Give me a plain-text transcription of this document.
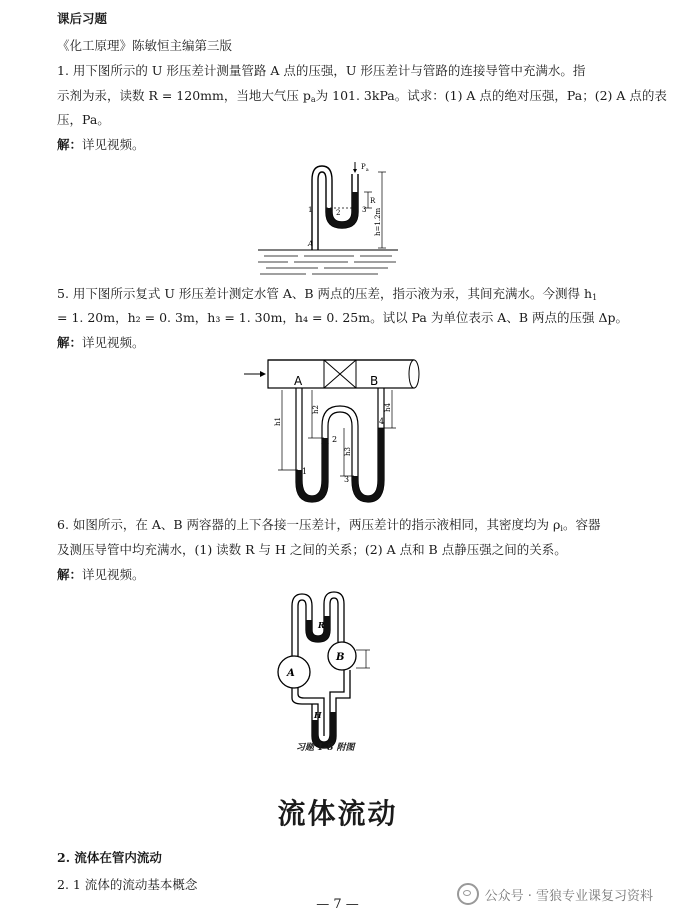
课后习题
《化工原理》陈敏恒主编第三版
1. 用下图所示的 U 形压差计测量管路 A 点的压强，U 形压差计与管路的连接导管中充满水。指
示剂为汞，读数 R = 120mm，当地大气压 $p_a$为 101. 3kPa。试求：(1) A 点的绝对压强，Pa；(2) A 点的表
压，Pa。
解：详见视频。
$P_a$
R
h=1.2m
1	2	3
A
5. 用下图所示复式 U 形压差计测定水管 A、B 两点的压差，指示液为汞，其间充满水。今测得 $h_1$
= 1. 20m，h₂ = 0. 3m，h₃ = 1. 30m，h₄ = 0. 25m。试以 Pa 为单位表示 A、B 两点的压强 Δp。
解：详见视频。
A	B
h1
h2
h3
h4
1
2
3
4
6. 如图所示，在 A、B 两容器的上下各接一压差计，两压差计的指示液相同，其密度均为 $\rho_i$。容器
及测压导管中均充满水，(1) 读数 R 与 H 之间的关系；(2) A 点和 B 点静压强之间的关系。
解：详见视频。
A
B
R
H
习题 1-8 附图
流体流动
2. 流体在管内流动
2. 1 流体的流动基本概念
— 7 —
公众号 · 雪狼专业课复习资料
